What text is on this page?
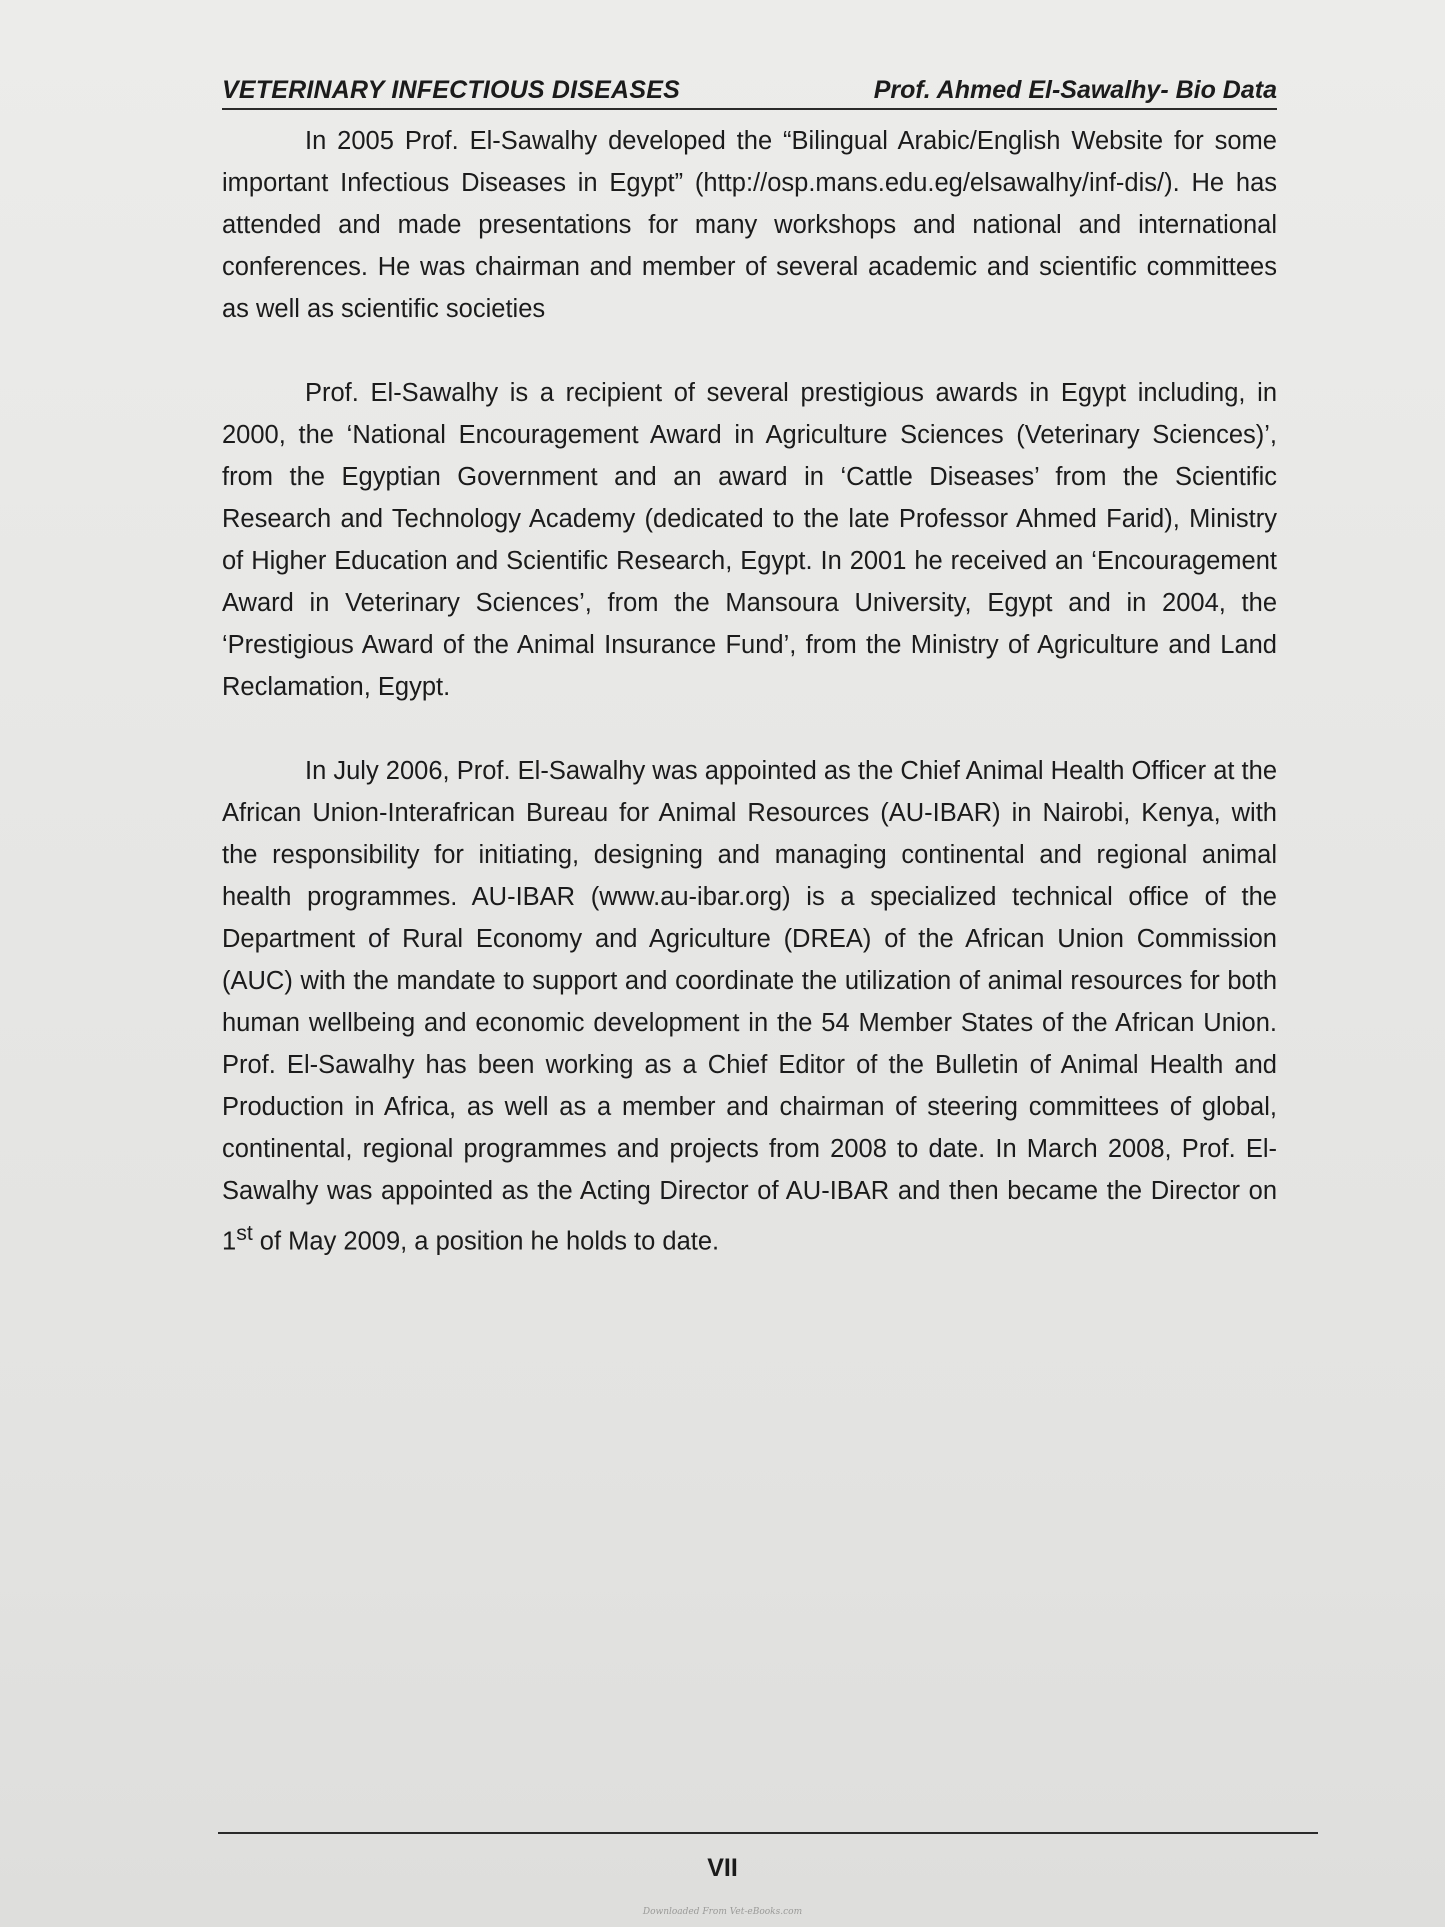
VETERINARY INFECTIOUS DISEASES	Prof. Ahmed El-Sawalhy- Bio Data

In 2005 Prof. El-Sawalhy developed the “Bilingual Arabic/English Website for some important Infectious Diseases in Egypt” (http://osp.mans.edu.eg/elsawalhy/inf-dis/). He has attended and made presentations for many workshops and national and international conferences. He was chairman and member of several academic and scientific committees as well as scientific societies

Prof. El-Sawalhy is a recipient of several prestigious awards in Egypt including, in 2000, the ‘National Encouragement Award in Agriculture Sciences (Veterinary Sciences)’, from the Egyptian Government and an award in ‘Cattle Diseases’ from the Scientific Research and Technology Academy (dedicated to the late Professor Ahmed Farid), Ministry of Higher Education and Scientific Research, Egypt. In 2001 he received an ‘Encouragement Award in Veterinary Sciences’, from the Mansoura University, Egypt and in 2004, the ‘Prestigious Award of the Animal Insurance Fund’, from the Ministry of Agriculture and Land Reclamation, Egypt.

In July 2006, Prof. El-Sawalhy was appointed as the Chief Animal Health Officer at the African Union-Interafrican Bureau for Animal Resources (AU-IBAR) in Nairobi, Kenya, with the responsibility for initiating, designing and managing continental and regional animal health programmes. AU-IBAR (www.au-ibar.org) is a specialized technical office of the Department of Rural Economy and Agriculture (DREA) of the African Union Commission (AUC) with the mandate to support and coordinate the utilization of animal resources for both human wellbeing and economic development in the 54 Member States of the African Union. Prof. El-Sawalhy has been working as a Chief Editor of the Bulletin of Animal Health and Production in Africa, as well as a member and chairman of steering committees of global, continental, regional programmes and projects from 2008 to date. In March 2008, Prof. El-Sawalhy was appointed as the Acting Director of AU-IBAR and then became the Director on 1st of May 2009, a position he holds to date.

VII
Downloaded From Vet-eBooks.com
